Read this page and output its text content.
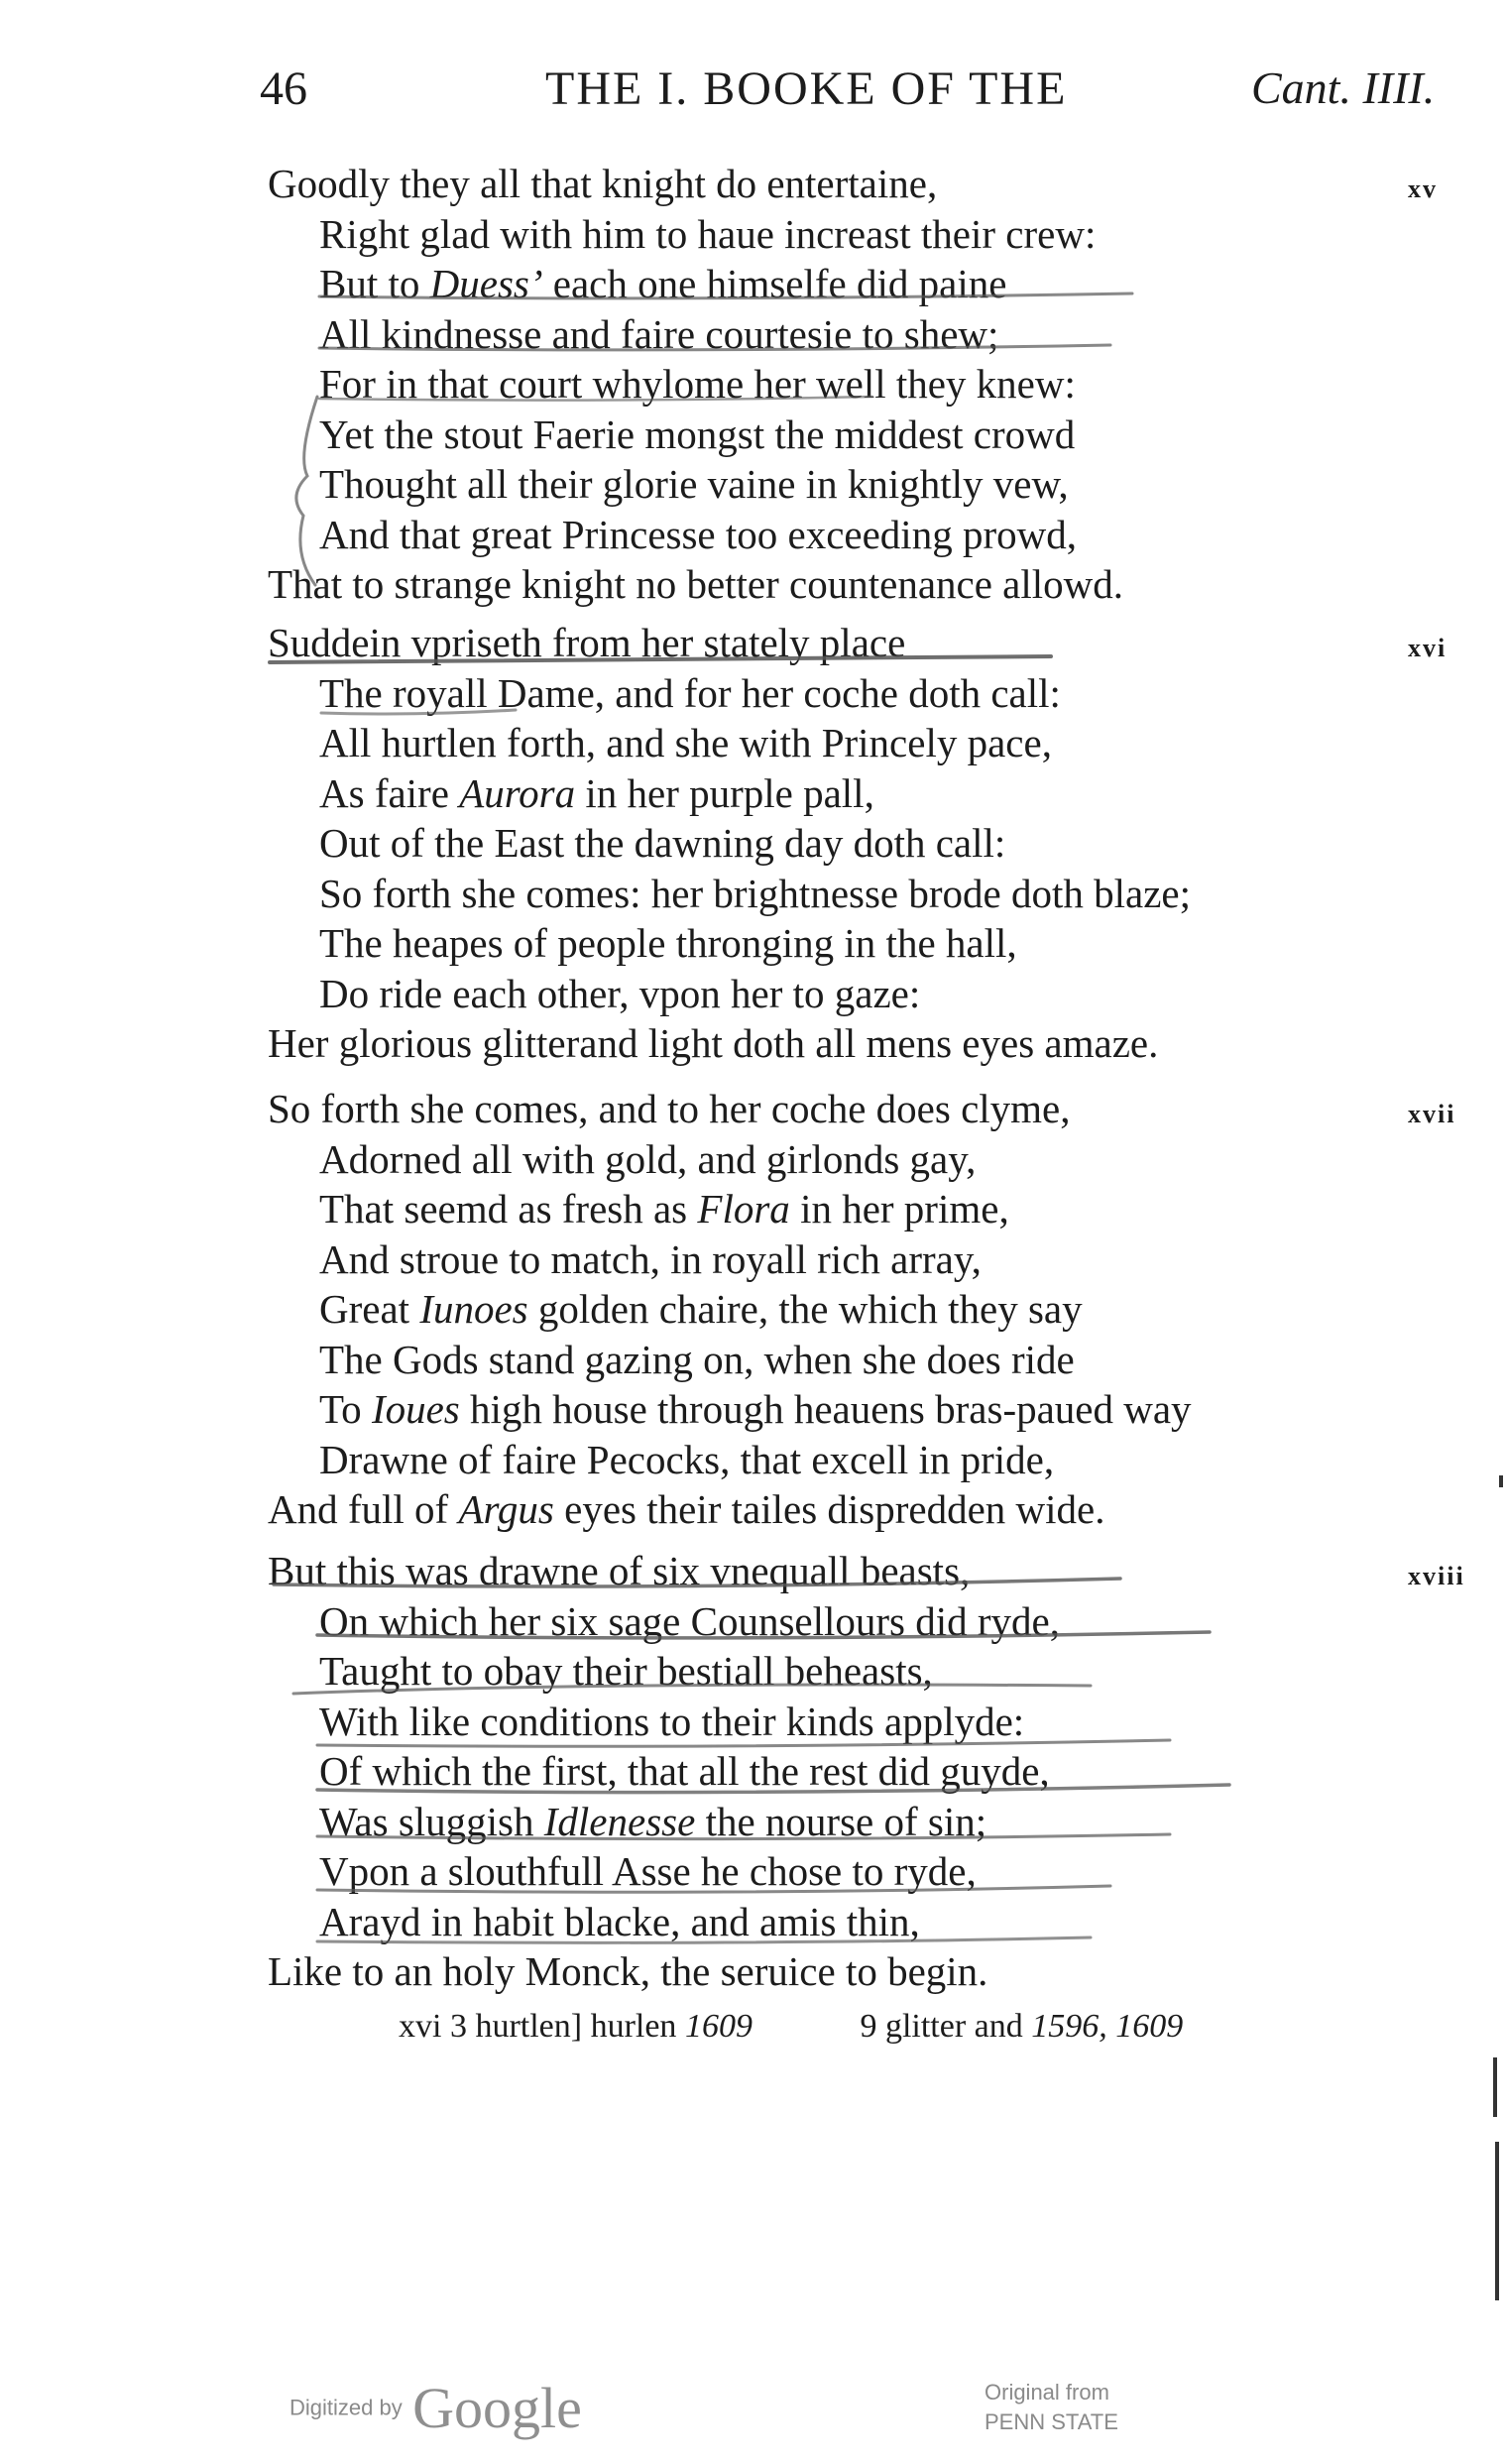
46	THE I. BOOKE OF THE	Cant. IIII.
xv
Goodly they all that knight do entertaine,
Right glad with him to haue increast their crew:
But to Duess’ each one himselfe did paine
All kindnesse and faire courtesie to shew;
For in that court whylome her well they knew:
Yet the stout Faerie mongst the middest crowd
Thought all their glorie vaine in knightly vew,
And that great Princesse too exceeding prowd,
That to strange knight no better countenance allowd.
xvi
Suddein vpriseth from her stately place
The royall Dame, and for her coche doth call:
All hurtlen forth, and she with Princely pace,
As faire Aurora in her purple pall,
Out of the East the dawning day doth call:
So forth she comes: her brightnesse brode doth blaze;
The heapes of people thronging in the hall,
Do ride each other, vpon her to gaze:
Her glorious glitterand light doth all mens eyes amaze.
xvii
So forth she comes, and to her coche does clyme,
Adorned all with gold, and girlonds gay,
That seemd as fresh as Flora in her prime,
And stroue to match, in royall rich array,
Great Iunoes golden chaire, the which they say
The Gods stand gazing on, when she does ride
To Ioues high house through heauens bras-paued way
Drawne of faire Pecocks, that excell in pride,
And full of Argus eyes their tailes dispredden wide.
xviii
But this was drawne of six vnequall beasts,
On which her six sage Counsellours did ryde,
Taught to obay their bestiall beheasts,
With like conditions to their kinds applyde:
Of which the first, that all the rest did guyde,
Was sluggish Idlenesse the nourse of sin;
Vpon a slouthfull Asse he chose to ryde,
Arayd in habit blacke, and amis thin,
Like to an holy Monck, the seruice to begin.
xvi 3 hurtlen] hurlen 1609	9 glitter and 1596, 1609
Digitized by Google	Original from
PENN STATE
